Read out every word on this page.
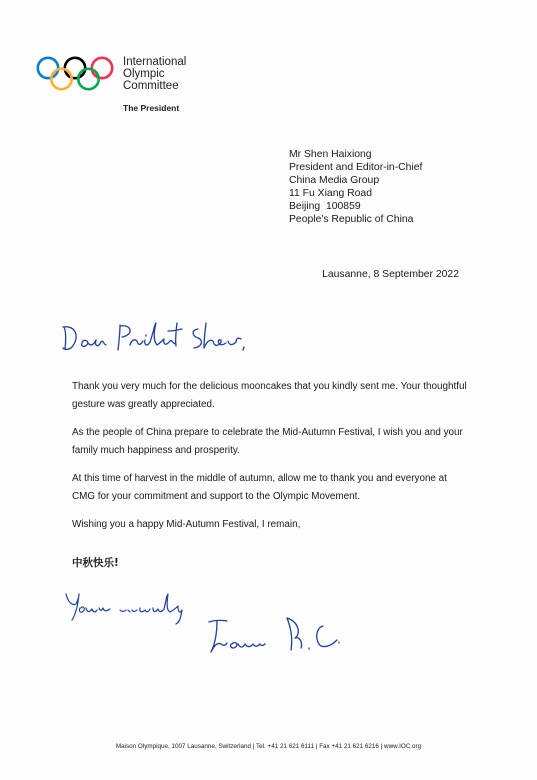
International
Olympic
Committee
The President
Mr Shen Haixiong
President and Editor-in-Chief
China Media Group
11 Fu Xiang Road
Beijing  100859
People's Republic of China
Lausanne, 8 September 2022

Thank you very much for the delicious mooncakes that you kindly sent me. Your thoughtful gesture was greatly appreciated.

As the people of China prepare to celebrate the Mid-Autumn Festival, I wish you and your family much happiness and prosperity.

At this time of harvest in the middle of autumn, allow me to thank you and everyone at CMG for your commitment and support to the Olympic Movement.

Wishing you a happy Mid-Autumn Festival, I remain,

中秋快乐!
Maison Olympique, 1007 Lausanne, Switzerland | Tel. +41 21 621 6111 | Fax +41 21 621 6216 | www.IOC.org
